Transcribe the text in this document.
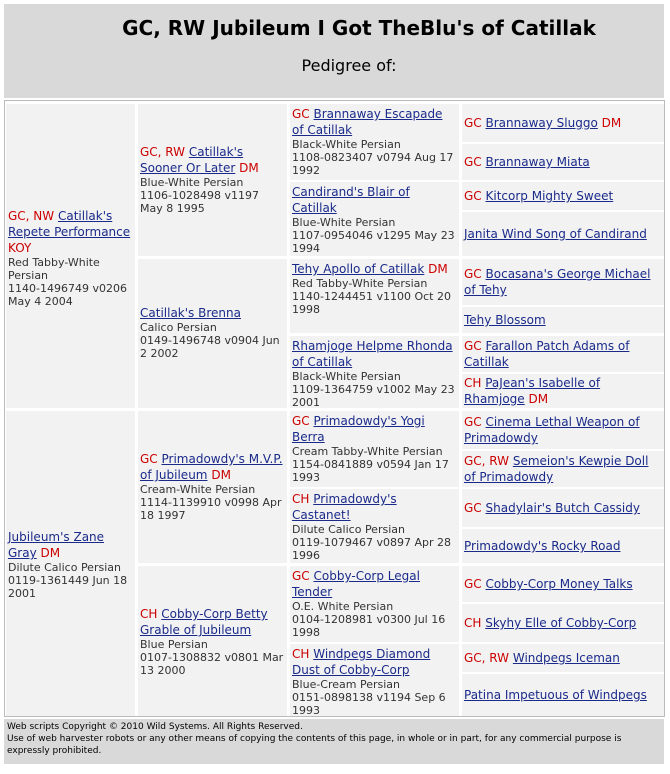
GC, RW Jubileum I Got TheBlu's of Catillak
Pedigree of:
GC, NW Catillak's Repete Performance KOY
Red Tabby-White Persian
1140-1496749 v0206 May 4 2004
Jubileum's Zane Gray DM
Dilute Calico Persian
0119-1361449 Jun 18 2001
GC, RW Catillak's Sooner Or Later DM
Blue-White Persian
1106-1028498 v1197 May 8 1995
Catillak's Brenna
Calico Persian
0149-1496748 v0904 Jun 2 2002
GC Primadowdy's M.V.P. of Jubileum DM
Cream-White Persian
1114-1139910 v0998 Apr 18 1997
CH Cobby-Corp Betty Grable of Jubileum
Blue Persian
0107-1308832 v0801 Mar 13 2000
GC Brannaway Escapade of Catillak
Black-White Persian
1108-0823407 v0794 Aug 17 1992
Candirand's Blair of Catillak
Blue-White Persian
1107-0954046 v1295 May 23 1994
Tehy Apollo of Catillak DM
Red Tabby-White Persian
1140-1244451 v1100 Oct 20 1998
Rhamjoge Helpme Rhonda of Catillak
Black-White Persian
1109-1364759 v1002 May 23 2001
GC Primadowdy's Yogi Berra
Cream Tabby-White Persian
1154-0841889 v0594 Jan 17 1993
CH Primadowdy's Castanet!
Dilute Calico Persian
0119-1079467 v0897 Apr 28 1996
GC Cobby-Corp Legal Tender
O.E. White Persian
0104-1208981 v0300 Jul 16 1998
CH Windpegs Diamond Dust of Cobby-Corp
Blue-Cream Persian
0151-0898138 v1194 Sep 6 1993
GC Brannaway Sluggo DM
GC Brannaway Miata
GC Kitcorp Mighty Sweet
Janita Wind Song of Candirand
GC Bocasana's George Michael of Tehy
Tehy Blossom
GC Farallon Patch Adams of Catillak
CH PaJean's Isabelle of Rhamjoge DM
GC Cinema Lethal Weapon of Primadowdy
GC, RW Semeion's Kewpie Doll of Primadowdy
GC Shadylair's Butch Cassidy
Primadowdy's Rocky Road
GC Cobby-Corp Money Talks
CH Skyhy Elle of Cobby-Corp
GC, RW Windpegs Iceman
Patina Impetuous of Windpegs
Web scripts Copyright © 2010 Wild Systems. All Rights Reserved.
Use of web harvester robots or any other means of copying the contents of this page, in whole or in part, for any commercial purpose is expressly prohibited.
